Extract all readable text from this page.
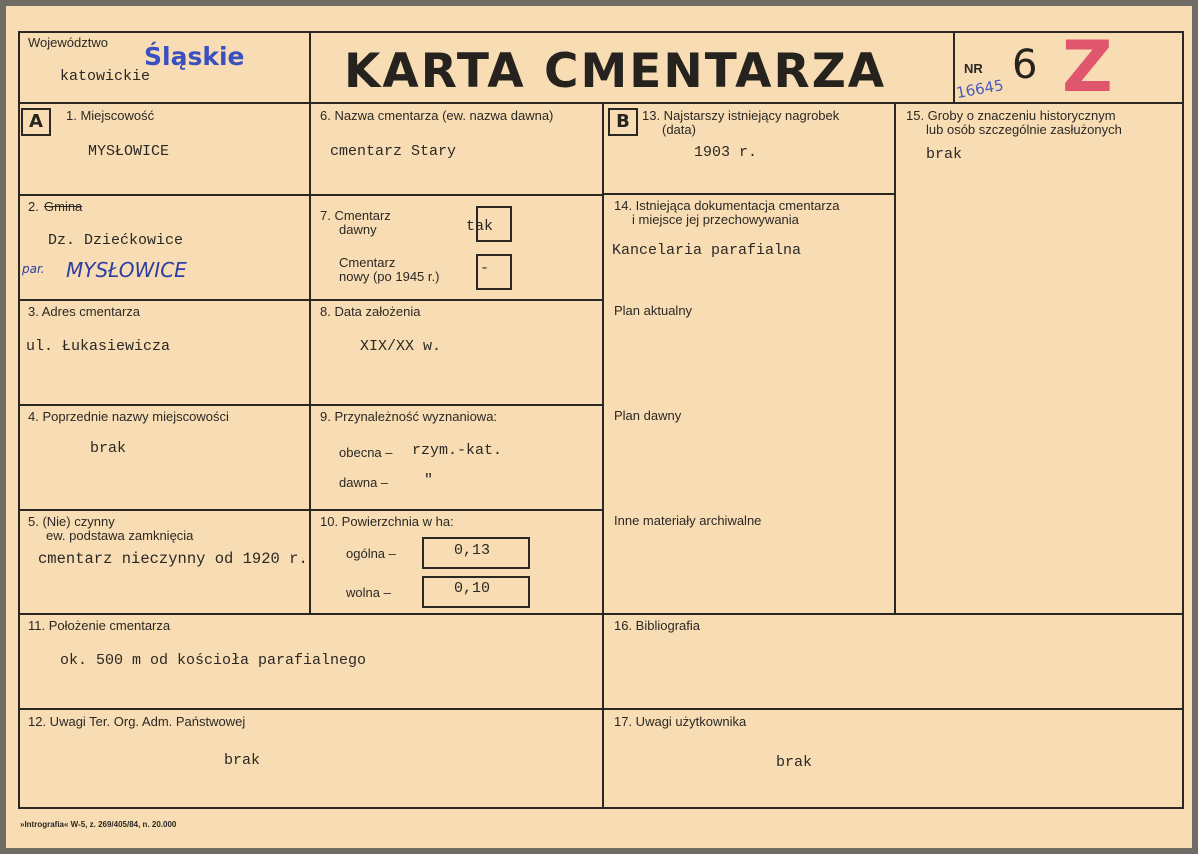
Województwo Śląskie
katowickie	KARTA CMENTARZA	NR 6
16645 Z
A	1. Miejscowość
MYSŁOWICE
2. Gmina
Dz. Dziećkowice
par. MYSŁOWICE
3. Adres cmentarza
ul. Łukasiewicza
4. Poprzednie nazwy miejscowości
brak
5. (Nie) czynny
ew. podstawa zamknięcia
cmentarz nieczynny od 1920 r.
6. Nazwa cmentarza (ew. nazwa dawna)
cmentarz Stary
7. Cmentarz
dawny	tak
Cmentarz
nowy (po 1945 r.)	-
8. Data założenia
XIX/XX w.
9. Przynależność wyznaniowa:
obecna – rzym.-kat.
dawna – "
10. Powierzchnia w ha:
ogólna –	0,13
wolna –	0,10
11. Położenie cmentarza
ok. 500 m od kościoła parafialnego
12. Uwagi Ter. Org. Adm. Państwowej
brak
B 13. Najstarszy istniejący nagrobek
(data)
1903 r.
14. Istniejąca dokumentacja cmentarza
i miejsce jej przechowywania
Kancelaria parafialna
Plan aktualny
Plan dawny
Inne materiały archiwalne
15. Groby o znaczeniu historycznym
lub osób szczególnie zasłużonych
brak
16. Bibliografia
17. Uwagi użytkownika
brak
»Intrografia« W-5, z. 269/405/84, n. 20.000
